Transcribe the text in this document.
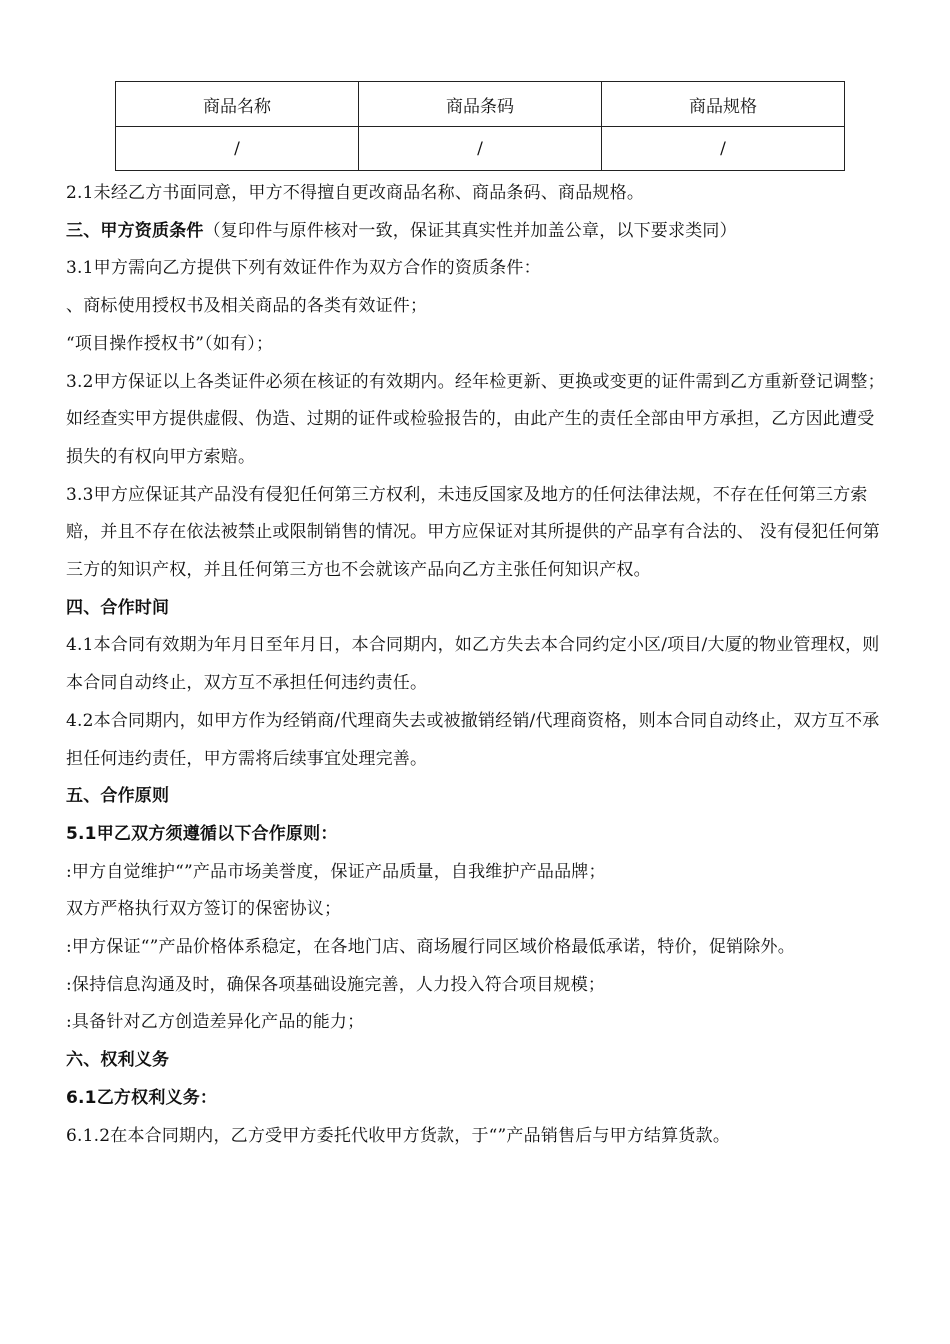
商品名称	商品条码	商品规格
/	/	/

2.1未经乙方书面同意，甲方不得擅自更改商品名称、商品条码、商品规格。

三、甲方资质条件（复印件与原件核对一致，保证其真实性并加盖公章，以下要求类同）

3.1甲方需向乙方提供下列有效证件作为双方合作的资质条件：

、商标使用授权书及相关商品的各类有效证件；

“项目操作授权书”（如有）；

3.2甲方保证以上各类证件必须在核证的有效期内。经年检更新、更换或变更的证件需到乙方重新登记调整；如经查实甲方提供虚假、伪造、过期的证件或检验报告的，由此产生的责任全部由甲方承担，乙方因此遭受损失的有权向甲方索赔。

3.3甲方应保证其产品没有侵犯任何第三方权利，未违反国家及地方的任何法律法规，不存在任何第三方索赔，并且不存在依法被禁止或限制销售的情况。甲方应保证对其所提供的产品享有合法的、 没有侵犯任何第三方的知识产权，并且任何第三方也不会就该产品向乙方主张任何知识产权。

四、合作时间

4.1本合同有效期为年月日至年月日，本合同期内，如乙方失去本合同约定小区/项目/大厦的物业管理权，则本合同自动终止，双方互不承担任何违约责任。

4.2本合同期内，如甲方作为经销商/代理商失去或被撤销经销/代理商资格，则本合同自动终止，双方互不承担任何违约责任，甲方需将后续事宜处理完善。

五、合作原则

5.1甲乙双方须遵循以下合作原则：

:甲方自觉维护“”产品市场美誉度，保证产品质量，自我维护产品品牌；

双方严格执行双方签订的保密协议；

:甲方保证“”产品价格体系稳定，在各地门店、商场履行同区域价格最低承诺，特价，促销除外。

:保持信息沟通及时，确保各项基础设施完善，人力投入符合项目规模；

:具备针对乙方创造差异化产品的能力；

六、权利义务

6.1乙方权利义务：

6.1.2在本合同期内，乙方受甲方委托代收甲方货款，于“”产品销售后与甲方结算货款。
